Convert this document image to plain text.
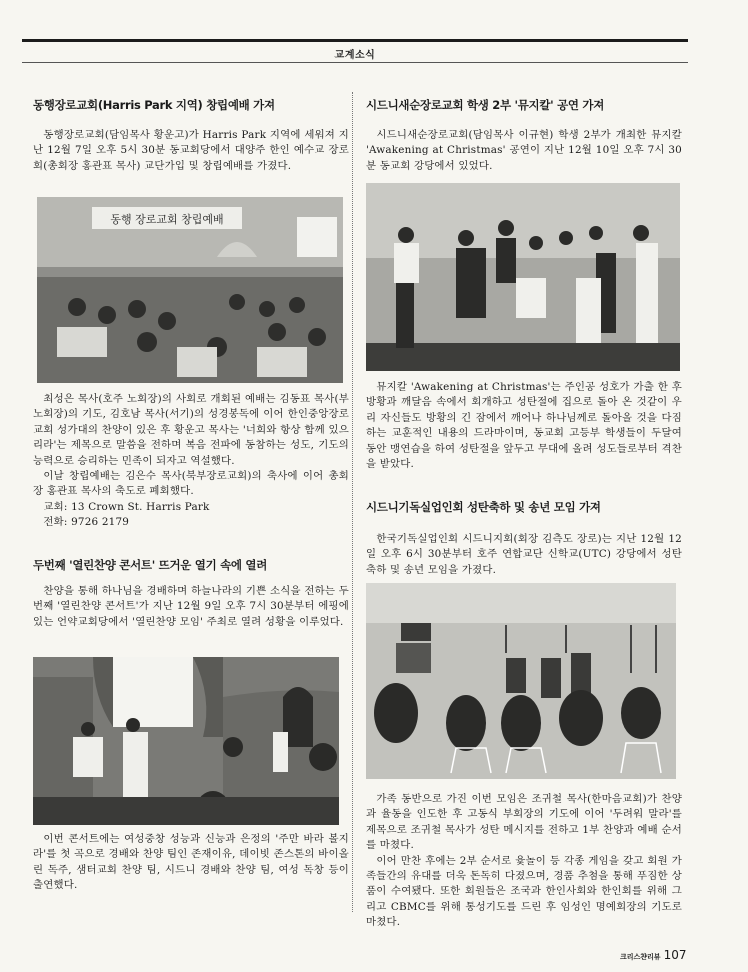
교계소식
동행장로교회(Harris Park 지역) 창립예배 가져

동행장로교회(담임목사 황운고)가 Harris Park 지역에 세워져 지난 12월 7일 오후 5시 30분 동교회당에서 대양주 한인 예수교 장로회(총회장 홍관표 목사) 교단가입 및 창립예배를 가졌다.

동행 장로교회 창립예배

최성은 목사(호주 노회장)의 사회로 개회된 예배는 김동표 목사(부노회장)의 기도, 김호남 목사(서기)의 성경봉독에 이어 한인중앙장로교회 성가대의 찬양이 있은 후 황운고 목사는 '너희와 항상 함께 있으리라'는 제목으로 말씀을 전하며 복음 전파에 동참하는 성도, 기도의 능력으로 승리하는 민족이 되자고 역설했다.

이날 창립예배는 김은수 목사(북부장로교회)의 축사에 이어 총회장 홍관표 목사의 축도로 폐회했다.

교회: 13 Crown St. Harris Park

전화: 9726 2179

두번째 '열린찬양 콘서트' 뜨거운 열기 속에 열려

찬양을 통해 하나님을 경배하며 하늘나라의 기쁜 소식을 전하는 두번째 '열린찬양 콘서트'가 지난 12월 9일 오후 7시 30분부터 에핑에 있는 언약교회당에서 '열린찬양 모임' 주최로 열려 성황을 이루었다.

이번 콘서트에는 여성중창 성능과 신능과 은정의 '주만 바라 볼지라'를 첫 곡으로 경배와 찬양 팀인 존재이유, 데이빗 존스톤의 바이올린 독주, 샘터교회 찬양 팀, 시드니 경배와 찬양 팀, 여성 독창 등이 출연했다.

시드니새순장로교회 학생 2부 '뮤지칼' 공연 가져

시드니새순장로교회(담임목사 이규현) 학생 2부가 개최한 뮤지칼 'Awakening at Christmas' 공연이 지난 12월 10일 오후 7시 30분 동교회 강당에서 있었다.

뮤지칼 'Awakening at Christmas'는 주인공 성호가 가출 한 후 방황과 깨달음 속에서 회개하고 성탄절에 집으로 돌아 온 것같이 우리 자신들도 방황의 긴 잠에서 깨어나 하나님께로 돌아올 것을 다짐하는 교훈적인 내용의 드라마이며, 동교회 고등부 학생들이 두달여 동안 맹연습을 하여 성탄절을 앞두고 무대에 올려 성도들로부터 격찬을 받았다.

시드니기독실업인회 성탄축하 및 송년 모임 가져

한국기독실업인회 시드니지회(회장 김측도 장로)는 지난 12월 12일 오후 6시 30분부터 호주 연합교단 신학교(UTC) 강당에서 성탄 축하 및 송년 모임을 가졌다.

가족 동반으로 가진 이번 모임은 조귀철 목사(한마음교회)가 찬양과 율동을 인도한 후 고동식 부회장의 기도에 이어 '두려워 말라'를 제목으로 조귀철 목사가 성탄 메시지를 전하고 1부 찬양과 예배 순서를 마쳤다.

이어 만찬 후에는 2부 순서로 윷놀이 등 각종 게임을 갖고 회원 가족들간의 유대를 더욱 돈독히 다졌으며, 경품 추첨을 통해 푸짐한 상품이 수여됐다. 또한 회원들은 조국과 한인사회와 한인회를 위해 그리고 CBMC를 위해 통성기도를 드린 후 임성인 명예회장의 기도로 마쳤다.

크리스챤리뷰 107
